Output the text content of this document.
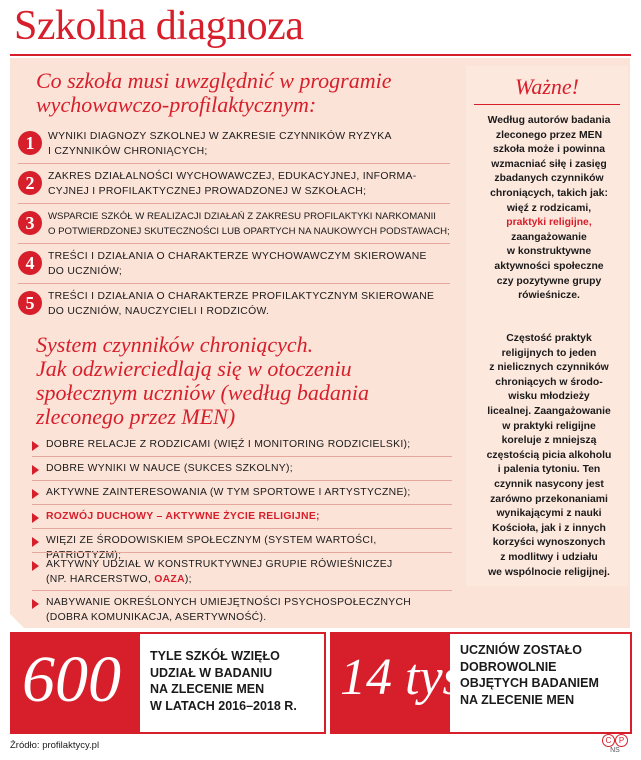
Szkolna diagnoza
Co szkoła musi uwzględnić w programie
wychowawczo-profilaktycznym:
1	WYNIKI DIAGNOZY SZKOLNEJ W ZAKRESIE CZYNNIKÓW RYZYKA
I CZYNNIKÓW CHRONIĄCYCH;
2	ZAKRES DZIAŁALNOŚCI WYCHOWAWCZEJ, EDUKACYJNEJ, INFORMA-
CYJNEJ I PROFILAKTYCZNEJ PROWADZONEJ W SZKOŁACH;
3	WSPARCIE SZKÓŁ W REALIZACJI DZIAŁAŃ Z ZAKRESU PROFILAKTYKI NARKOMANII
O POTWIERDZONEJ SKUTECZNOŚCI LUB OPARTYCH NA NAUKOWYCH PODSTAWACH;
4	TREŚCI I DZIAŁANIA O CHARAKTERZE WYCHOWAWCZYM SKIEROWANE
DO UCZNIÓW;
5	TREŚCI I DZIAŁANIA O CHARAKTERZE PROFILAKTYCZNYM SKIEROWANE
DO UCZNIÓW, NAUCZYCIELI I RODZICÓW.
System czynników chroniących.
Jak odzwierciedlają się w otoczeniu
społecznym uczniów (według badania
zleconego przez MEN)
DOBRE RELACJE Z RODZICAMI (WIĘŹ I MONITORING RODZICIELSKI);
DOBRE WYNIKI W NAUCE (SUKCES SZKOLNY);
AKTYWNE ZAINTERESOWANIA (W TYM SPORTOWE I ARTYSTYCZNE);
ROZWÓJ DUCHOWY – AKTYWNE ŻYCIE RELIGIJNE;
WIĘZI ZE ŚRODOWISKIEM SPOŁECZNYM (SYSTEM WARTOŚCI, PATRIOTYZM);
AKTYWNY UDZIAŁ W KONSTRUKTYWNEJ GRUPIE RÓWIEŚNICZEJ
(NP. HARCERSTWO, OAZA);
NABYWANIE OKREŚLONYCH UMIEJĘTNOŚCI PSYCHOSPOŁECZNYCH
(DOBRA KOMUNIKACJA, ASERTYWNOŚĆ).
Ważne!
Według autorów badania
zleconego przez MEN
szkoła może i powinna
wzmacniać siłę i zasięg
zbadanych czynników
chroniących, takich jak:
więź z rodzicami,
praktyki religijne,
zaangażowanie
w konstruktywne
aktywności społeczne
czy pozytywne grupy
rówieśnicze.
Częstość praktyk
religijnych to jeden
z nielicznych czynników
chroniących w środo-
wisku młodzieży
licealnej. Zaangażowanie
w praktyki religijne
koreluje z mniejszą
częstością picia alkoholu
i palenia tytoniu. Ten
czynnik nasycony jest
zarówno przekonaniami
wynikającymi z nauki
Kościoła, jak i z innych
korzyści wynoszonych
z modlitwy i udziału
we wspólnocie religijnej.
600 TYLE SZKÓŁ WZIĘŁO
UDZIAŁ W BADANIU
NA ZLECENIE MEN
W LATACH 2016–2018 R. 14 tys.
UCZNIÓW ZOSTAŁO
DOBROWOLNIE
OBJĘTYCH BADANIEM
NA ZLECENIE MEN
Źródło: profilaktycy.pl	C P
NS
